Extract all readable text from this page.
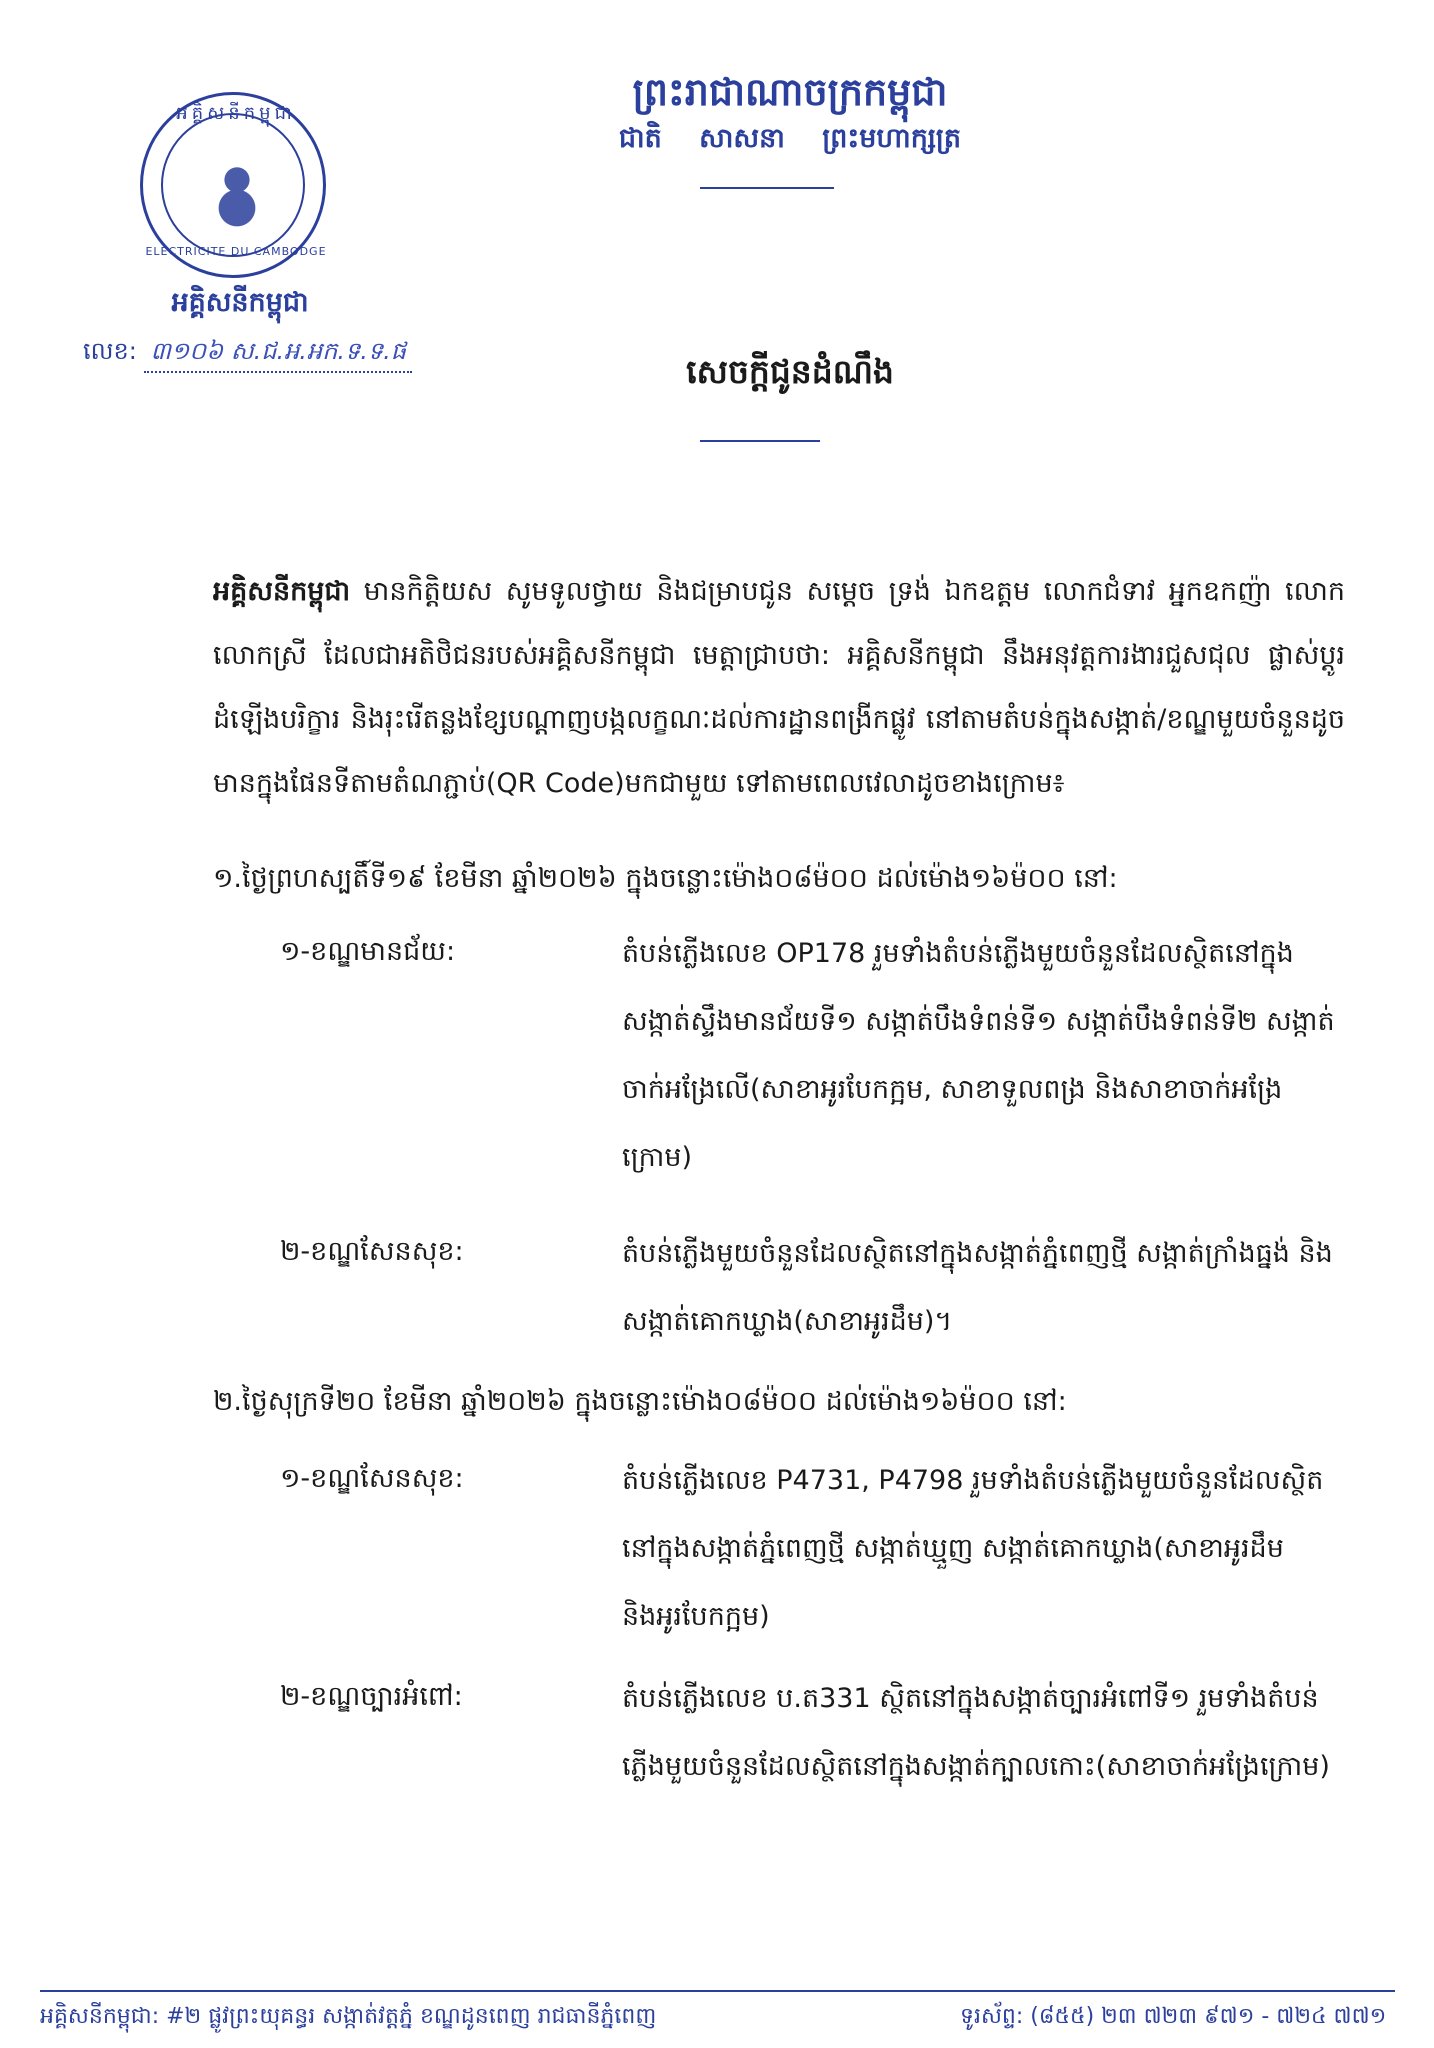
អគ្គិសនីកម្ពុជា
ELECTRICITE DU CAMBODGE
ព្រះរាជាណាចក្រកម្ពុជា
ជាតិ សាសនា ព្រះមហាក្សត្រ
អគ្គិសនីកម្ពុជា
លេខ: ៣១០៦ ស.ជ.អ.អក.ទ.ទ.ផ
សេចក្តីជូនដំណឹង
អគ្គិសនីកម្ពុជា មានកិត្តិយស សូមទូលថ្វាយ និងជម្រាបជូន សម្តេច ទ្រង់ ឯកឧត្តម លោកជំទាវ អ្នកឧកញ៉ា លោក លោកស្រី ដែលជាអតិថិជនរបស់អគ្គិសនីកម្ពុជា មេត្តាជ្រាបថា: អគ្គិសនីកម្ពុជា នឹងអនុវត្តការងារជួសជុល ផ្លាស់ប្តូរដំឡើងបរិក្ខារ និងរុះរើតន្លងខ្សែបណ្តាញបង្កលក្ខណៈដល់ការដ្ឋានពង្រីកផ្លូវ នៅតាមតំបន់ក្នុងសង្កាត់/ខណ្ឌមួយចំនួនដូចមានក្នុងផែនទីតាមតំណភ្ជាប់(QR Code)មកជាមួយ ទៅតាមពេលវេលាដូចខាងក្រោម៖
១.ថ្ងៃព្រហស្បតិ៍ទី១៩ ខែមីនា ឆ្នាំ២០២៦ ក្នុងចន្លោះម៉ោង០៨ម៉០០ ដល់ម៉ោង១៦ម៉០០ នៅ:
១-ខណ្ឌមានជ័យ:	តំបន់ភ្លើងលេខ OP178 រួមទាំងតំបន់ភ្លើងមួយចំនួនដែលស្ថិតនៅក្នុងសង្កាត់ស្ទឹងមានជ័យទី១ សង្កាត់បឹងទំពន់ទី១ សង្កាត់បឹងទំពន់ទី២ សង្កាត់ចាក់អង្រែលើ(សាខាអូរបែកក្អម, សាខាទួលពង្រ និងសាខាចាក់អង្រែក្រោម)
២-ខណ្ឌសែនសុខ:	តំបន់ភ្លើងមួយចំនួនដែលស្ថិតនៅក្នុងសង្កាត់ភ្នំពេញថ្មី សង្កាត់ក្រាំងធ្នង់ និងសង្កាត់គោកឃ្លាង(សាខាអូរដឹម)។
២.ថ្ងៃសុក្រទី២០ ខែមីនា ឆ្នាំ២០២៦ ក្នុងចន្លោះម៉ោង០៨ម៉០០ ដល់ម៉ោង១៦ម៉០០ នៅ:
១-ខណ្ឌសែនសុខ:	តំបន់ភ្លើងលេខ P4731, P4798 រួមទាំងតំបន់ភ្លើងមួយចំនួនដែលស្ថិតនៅក្នុងសង្កាត់ភ្នំពេញថ្មី សង្កាត់ឃ្មួញ សង្កាត់គោកឃ្លាង(សាខាអូរដឹម និងអូរបែកក្អម)
២-ខណ្ឌច្បារអំពៅ:	តំបន់ភ្លើងលេខ ប.ត331 ស្ថិតនៅក្នុងសង្កាត់ច្បារអំពៅទី១ រួមទាំងតំបន់ភ្លើងមួយចំនួនដែលស្ថិតនៅក្នុងសង្កាត់ក្បាលកោះ(សាខាចាក់អង្រែក្រោម)
អគ្គិសនីកម្ពុជា: #២ ផ្លូវព្រះយុគន្ធរ សង្កាត់វត្តភ្នំ ខណ្ឌដូនពេញ រាជធានីភ្នំពេញ	ទូរស័ព្ទ: (៨៥៥) ២៣ ៧២៣ ៩៧១ - ៧២៤ ៧៧១
